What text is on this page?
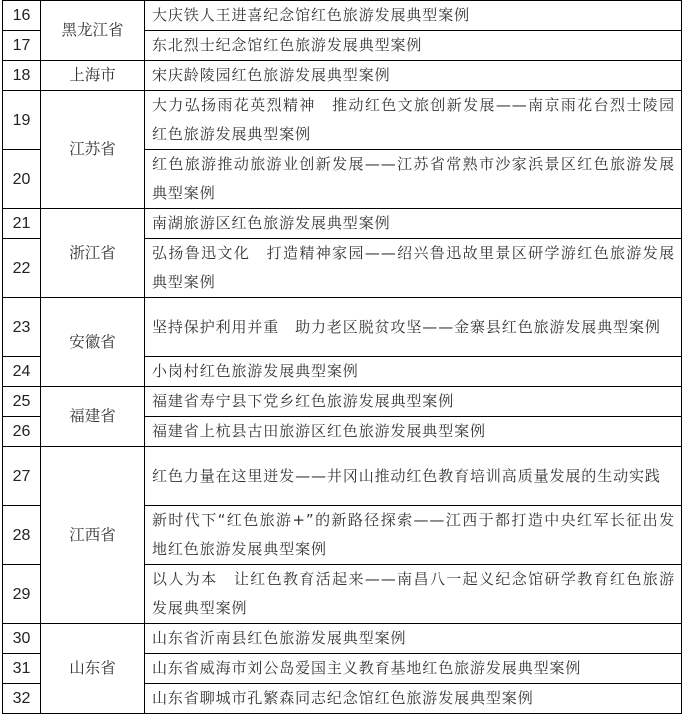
16	黑龙江省	大庆铁人王进喜纪念馆红色旅游发展典型案例
17		东北烈士纪念馆红色旅游发展典型案例
18	上海市	宋庆龄陵园红色旅游发展典型案例
19	江苏省	大力弘扬雨花英烈精神　推动红色文旅创新发展——南京雨花台烈士陵园红色旅游发展典型案例
20		红色旅游推动旅游业创新发展——江苏省常熟市沙家浜景区红色旅游发展典型案例
21	浙江省	南湖旅游区红色旅游发展典型案例
22		弘扬鲁迅文化　打造精神家园——绍兴鲁迅故里景区研学游红色旅游发展典型案例
23	安徽省	坚持保护利用并重　助力老区脱贫攻坚——金寨县红色旅游发展典型案例
24		小岗村红色旅游发展典型案例
25	福建省	福建省寿宁县下党乡红色旅游发展典型案例
26		福建省上杭县古田旅游区红色旅游发展典型案例
27	江西省	红色力量在这里迸发——井冈山推动红色教育培训高质量发展的生动实践
28		新时代下“红色旅游+”的新路径探索——江西于都打造中央红军长征出发地红色旅游发展典型案例
29		以人为本　让红色教育活起来——南昌八一起义纪念馆研学教育红色旅游发展典型案例
30	山东省	山东省沂南县红色旅游发展典型案例
31		山东省威海市刘公岛爱国主义教育基地红色旅游发展典型案例
32		山东省聊城市孔繁森同志纪念馆红色旅游发展典型案例
